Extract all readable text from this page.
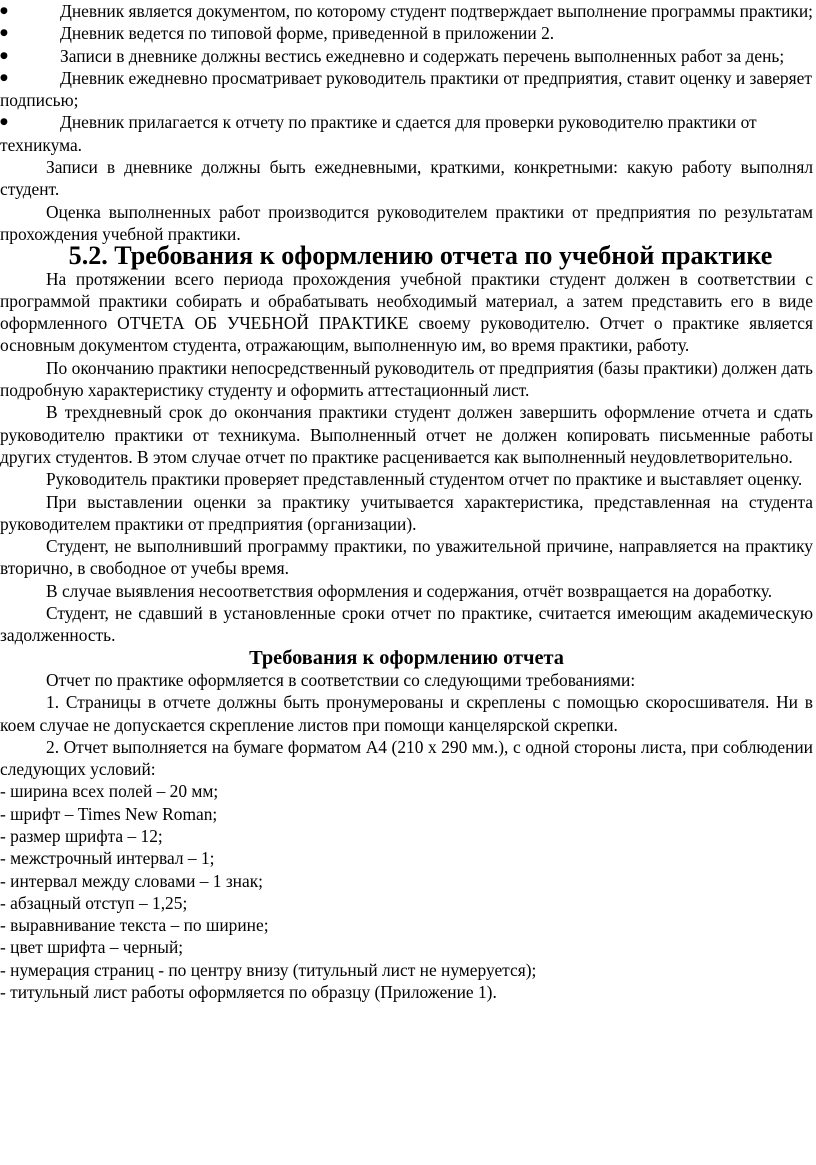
●	Дневник является документом, по которому студент подтверждает выполнение программы практики;
●	Дневник ведется по типовой форме, приведенной в приложении 2.
●	Записи в дневнике должны вестись ежедневно и содержать перечень выполненных работ за день;
●	Дневник ежедневно просматривает руководитель практики от предприятия, ставит оценку и заверяет подписью;
●	Дневник прилагается к отчету по практике и сдается для проверки руководителю практики от техникума.

Записи в дневнике должны быть ежедневными, краткими, конкретными: какую работу выполнял студент.

Оценка выполненных работ производится руководителем практики от предприятия по результатам прохождения учебной практики.

5.2. Требования к оформлению отчета по учебной практике

На протяжении всего периода прохождения учебной практики студент должен в соответствии с программой практики собирать и обрабатывать необходимый материал, а затем представить его в виде оформленного ОТЧЕТА ОБ УЧЕБНОЙ ПРАКТИКЕ своему руководителю. Отчет о практике является основным документом студента, отражающим, выполненную им, во время практики, работу.

По окончанию практики непосредственный руководитель от предприятия (базы практики) должен дать подробную характеристику студенту и оформить аттестационный лист.

В трехдневный срок до окончания практики студент должен завершить оформление отчета и сдать руководителю практики от техникума. Выполненный отчет не должен копировать письменные работы других студентов. В этом случае отчет по практике расценивается как выполненный неудовлетворительно.

Руководитель практики проверяет представленный студентом отчет по практике и выставляет оценку.

При выставлении оценки за практику учитывается характеристика, представленная на студента руководителем практики от предприятия (организации).

Студент, не выполнивший программу практики, по уважительной причине, направляется на практику вторично, в свободное от учебы время.

В случае выявления несоответствия оформления и содержания, отчёт возвращается на доработку.

Студент, не сдавший в установленные сроки отчет по практике, считается имеющим академическую задолженность.

Требования к оформлению отчета

Отчет по практике оформляется в соответствии со следующими требованиями:

1. Страницы в отчете должны быть пронумерованы и скреплены с помощью скоросшивателя. Ни в коем случае не допускается скрепление листов при помощи канцелярской скрепки.

2. Отчет выполняется на бумаге форматом А4 (210 х 290 мм.), с одной стороны листа, при соблюдении следующих условий:

- ширина всех полей – 20 мм;

- шрифт – Times New Roman;

- размер шрифта – 12;

- межстрочный интервал – 1;

- интервал между словами – 1 знак;

- абзацный отступ – 1,25;

- выравнивание текста – по ширине;

- цвет шрифта – черный;

- нумерация страниц - по центру внизу (титульный лист не нумеруется);

- титульный лист работы оформляется по образцу (Приложение 1).
